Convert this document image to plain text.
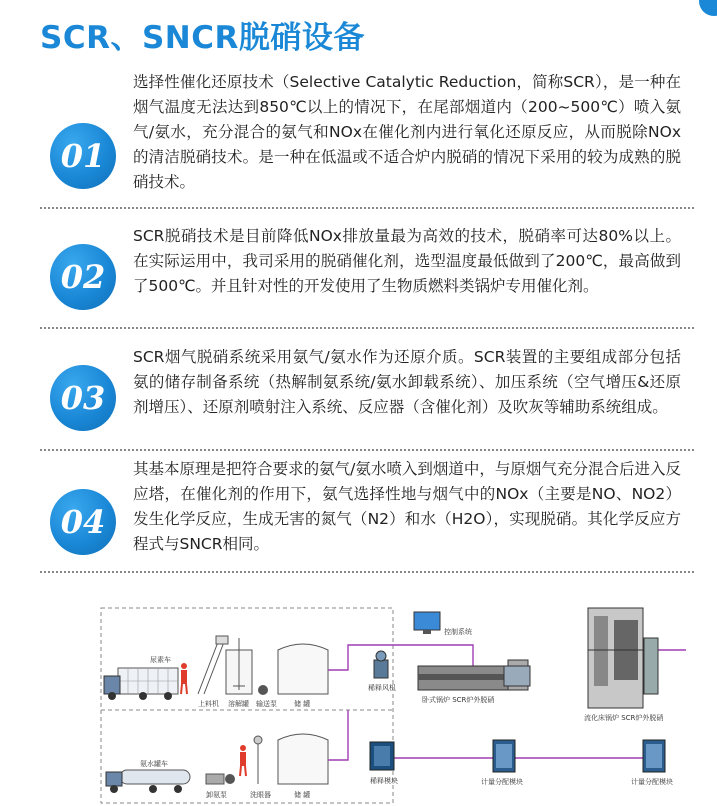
SCR、SNCR脱硝设备
01
选择性催化还原技术（Selective Catalytic Reduction，简称SCR），是一种在烟气温度无法达到850℃以上的情况下，在尾部烟道内（200~500℃）喷入氨气/氨水，充分混合的氨气和NOx在催化剂内进行氧化还原反应，从而脱除NOx的清洁脱硝技术。是一种在低温或不适合炉内脱硝的情况下采用的较为成熟的脱硝技术。
02
SCR脱硝技术是目前降低NOx排放量最为高效的技术，脱硝率可达80%以上。在实际运用中，我司采用的脱硝催化剂，选型温度最低做到了200℃，最高做到了500℃。并且针对性的开发使用了生物质燃料类锅炉专用催化剂。
03
SCR烟气脱硝系统采用氨气/氨水作为还原介质。SCR装置的主要组成部分包括氨的储存制备系统（热解制氨系统/氨水卸载系统）、加压系统（空气增压&还原剂增压）、还原剂喷射注入系统、反应器（含催化剂）及吹灰等辅助系统组成。
04
其基本原理是把符合要求的氨气/氨水喷入到烟道中，与原烟气充分混合后进入反应塔，在催化剂的作用下，氨气选择性地与烟气中的NOx（主要是NO、NO2）发生化学反应，生成无害的氮气（N2）和水（H2O），实现脱硝。其化学反应方程式与SNCR相同。
尿素车
上料机 溶解罐 输送泵 储 罐
氨水罐车
卸氨泵	洗眼器	储 罐
控制系统
稀释风机
卧式锅炉 SCR炉外脱硝
稀释模块	计量分配模块
流化床锅炉 SCR炉外脱硝
计量分配模块
